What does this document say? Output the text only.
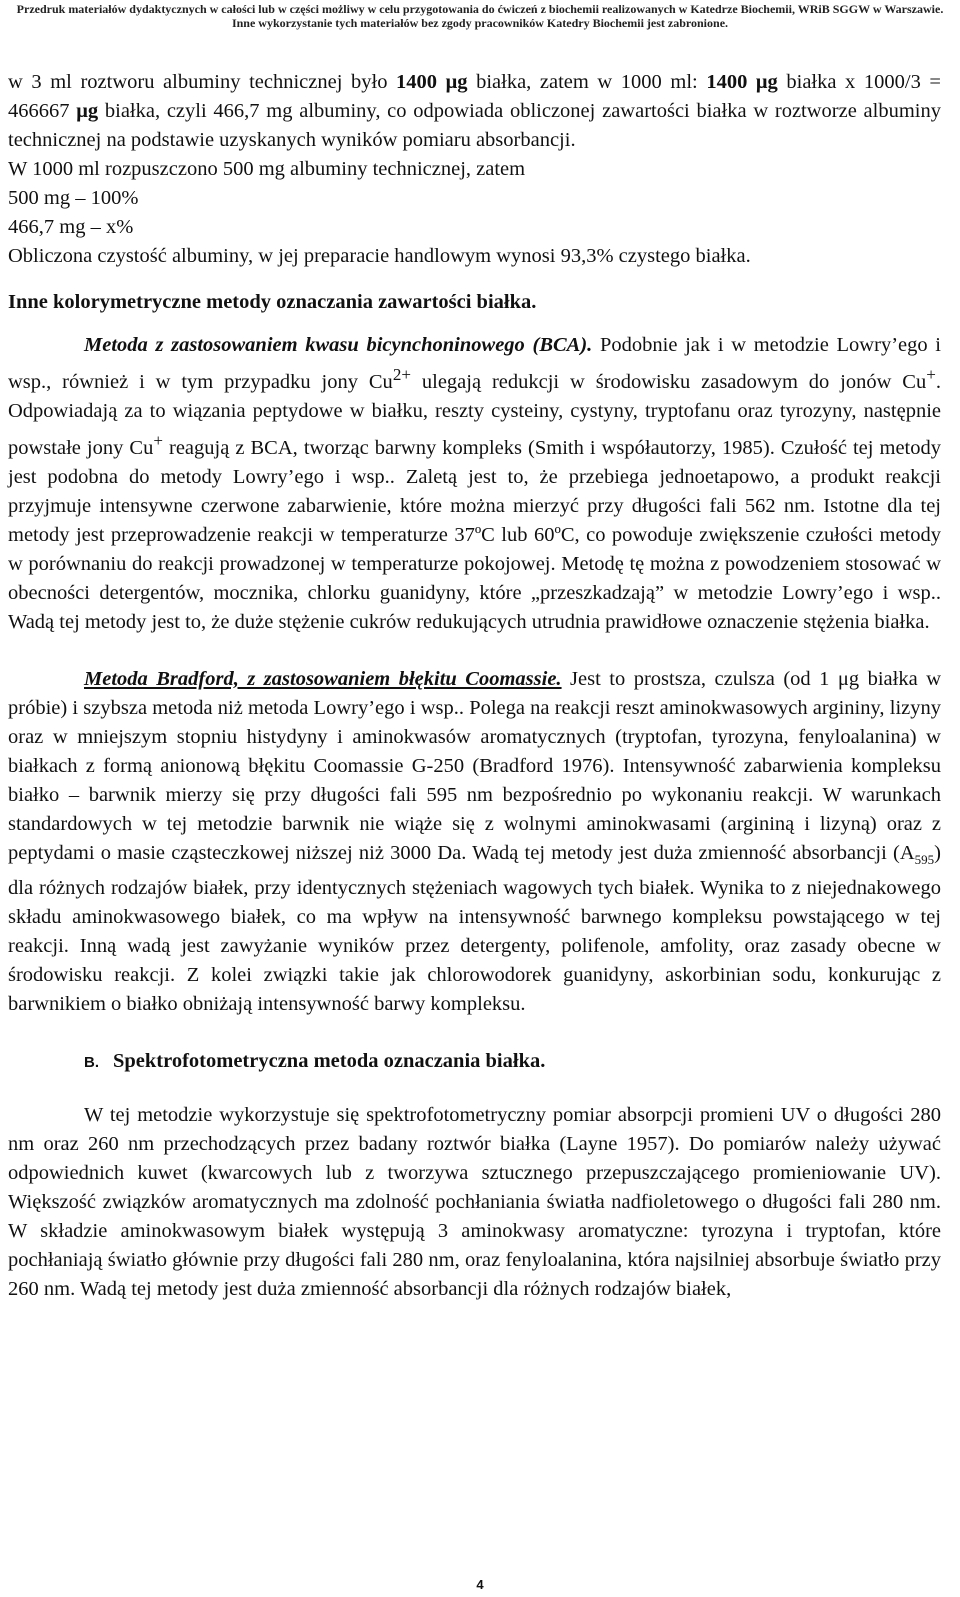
Przedruk materiałów dydaktycznych w całości lub w części możliwy w celu przygotowania do ćwiczeń z biochemii realizowanych w Katedrze Biochemii, WRiB SGGW w Warszawie.
Inne wykorzystanie tych materiałów bez zgody pracowników Katedry Biochemii jest zabronione.

w 3 ml roztworu albuminy technicznej było 1400 μg białka, zatem w 1000 ml: 1400 μg białka x 1000/3 = 466667 μg białka, czyli 466,7 mg albuminy, co odpowiada obliczonej zawartości białka w roztworze albuminy technicznej na podstawie uzyskanych wyników pomiaru absorbancji.

W 1000 ml rozpuszczono 500 mg albuminy technicznej, zatem

500 mg – 100%

466,7 mg – x%

Obliczona czystość albuminy, w jej preparacie handlowym wynosi 93,3% czystego białka.

Inne kolorymetryczne metody oznaczania zawartości białka.

Metoda z zastosowaniem kwasu bicynchoninowego (BCA). Podobnie jak i w metodzie Lowry’ego i wsp., również i w tym przypadku jony $Cu^{2+}$ ulegają redukcji w środowisku zasadowym do jonów Cu+. Odpowiadają za to wiązania peptydowe w białku, reszty cysteiny, cystyny, tryptofanu oraz tyrozyny, następnie powstałe jony Cu+ reagują z BCA, tworząc barwny kompleks (Smith i współautorzy, 1985). Czułość tej metody jest podobna do metody Lowry’ego i wsp.. Zaletą jest to, że przebiega jednoetapowo, a produkt reakcji przyjmuje intensywne czerwone zabarwienie, które można mierzyć przy długości fali 562 nm. Istotne dla tej metody jest przeprowadzenie reakcji w temperaturze 37ºC lub 60ºC, co powoduje zwiększenie czułości metody w porównaniu do reakcji prowadzonej w temperaturze pokojowej. Metodę tę można z powodzeniem stosować w obecności detergentów, mocznika, chlorku guanidyny, które „przeszkadzają” w metodzie Lowry’ego i wsp.. Wadą tej metody jest to, że duże stężenie cukrów redukujących utrudnia prawidłowe oznaczenie stężenia białka.

Metoda Bradford, z zastosowaniem błękitu Coomassie. Jest to prostsza, czulsza (od 1 μg białka w próbie) i szybsza metoda niż metoda Lowry’ego i wsp.. Polega na reakcji reszt aminokwasowych argininy, lizyny oraz w mniejszym stopniu histydyny i aminokwasów aromatycznych (tryptofan, tyrozyna, fenyloalanina) w białkach z formą anionową błękitu Coomassie G-250 (Bradford 1976). Intensywność zabarwienia kompleksu białko – barwnik mierzy się przy długości fali 595 nm bezpośrednio po wykonaniu reakcji. W warunkach standardowych w tej metodzie barwnik nie wiąże się z wolnymi aminokwasami (argininą i lizyną) oraz z peptydami o masie cząsteczkowej niższej niż 3000 Da. Wadą tej metody jest duża zmienność absorbancji $(A_{595})$ dla różnych rodzajów białek, przy identycznych stężeniach wagowych tych białek. Wynika to z niejednakowego składu aminokwasowego białek, co ma wpływ na intensywność barwnego kompleksu powstającego w tej reakcji. Inną wadą jest zawyżanie wyników przez detergenty, polifenole, amfolity, oraz zasady obecne w środowisku reakcji. Z kolei związki takie jak chlorowodorek guanidyny, askorbinian sodu, konkurując z barwnikiem o białko obniżają intensywność barwy kompleksu.

B. Spektrofotometryczna metoda oznaczania białka.

W tej metodzie wykorzystuje się spektrofotometryczny pomiar absorpcji promieni UV o długości 280 nm oraz 260 nm przechodzących przez badany roztwór białka (Layne 1957). Do pomiarów należy używać odpowiednich kuwet (kwarcowych lub z tworzywa sztucznego przepuszczającego promieniowanie UV). Większość związków aromatycznych ma zdolność pochłaniania światła nadfioletowego o długości fali 280 nm. W składzie aminokwasowym białek występują 3 aminokwasy aromatyczne: tyrozyna i tryptofan, które pochłaniają światło głównie przy długości fali 280 nm, oraz fenyloalanina, która najsilniej absorbuje światło przy 260 nm. Wadą tej metody jest duża zmienność absorbancji dla różnych rodzajów białek,

4
